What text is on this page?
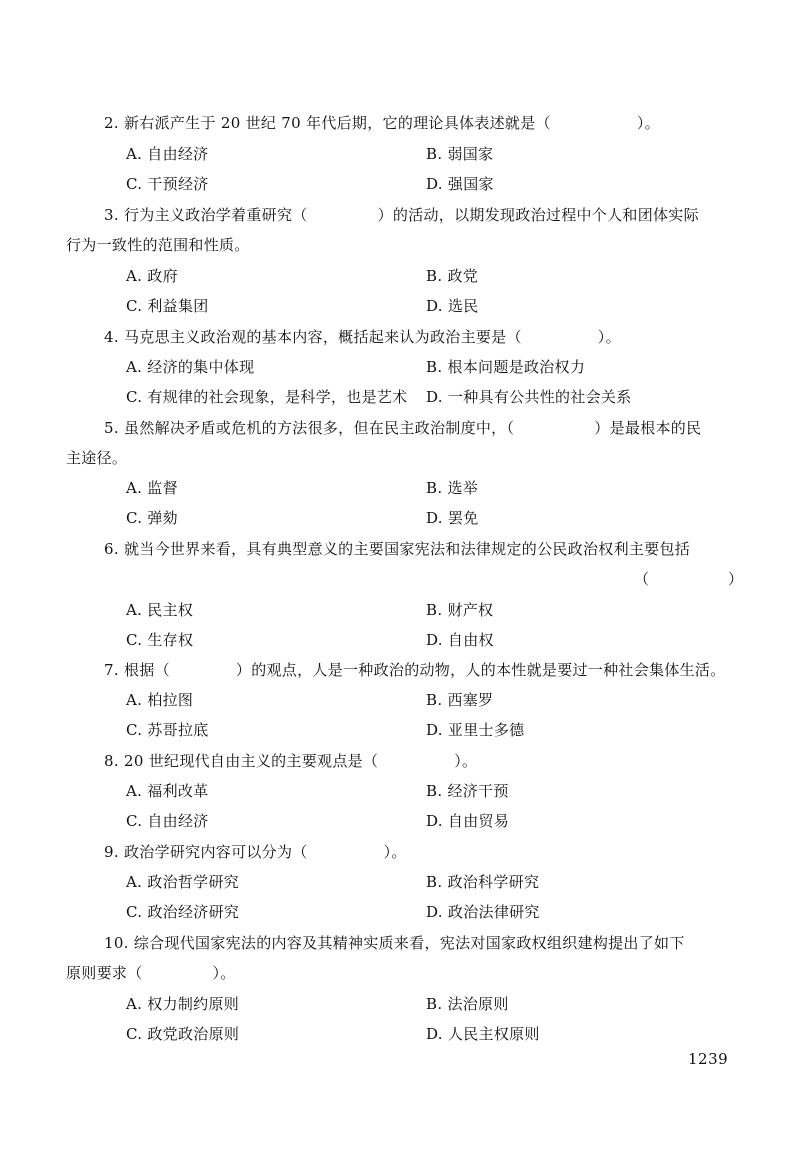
2. 新右派产生于 20 世纪 70 年代后期，它的理论具体表述就是（	）。
A. 自由经济	B. 弱国家
C. 干预经济	D. 强国家
3. 行为主义政治学着重研究（	）的活动，以期发现政治过程中个人和团体实际
行为一致性的范围和性质。
A. 政府	B. 政党
C. 利益集团	D. 选民
4. 马克思主义政治观的基本内容，概括起来认为政治主要是（	）。
A. 经济的集中体现	B. 根本问题是政治权力
C. 有规律的社会现象，是科学，也是艺术 D. 一种具有公共性的社会关系
5. 虽然解决矛盾或危机的方法很多，但在民主政治制度中，（	）是最根本的民
主途径。
A. 监督	B. 选举
C. 弹劾	D. 罢免
6. 就当今世界来看，具有典型意义的主要国家宪法和法律规定的公民政治权利主要包括
（	）
A. 民主权	B. 财产权
C. 生存权	D. 自由权
7. 根据（	）的观点，人是一种政治的动物，人的本性就是要过一种社会集体生活。
A. 柏拉图	B. 西塞罗
C. 苏哥拉底	D. 亚里士多德
8. 20 世纪现代自由主义的主要观点是（	）。
A. 福利改革	B. 经济干预
C. 自由经济	D. 自由贸易
9. 政治学研究内容可以分为（	）。
A. 政治哲学研究	B. 政治科学研究
C. 政治经济研究	D. 政治法律研究
10. 综合现代国家宪法的内容及其精神实质来看，宪法对国家政权组织建构提出了如下
原则要求（	）。
A. 权力制约原则	B. 法治原则
C. 政党政治原则	D. 人民主权原则
1239
